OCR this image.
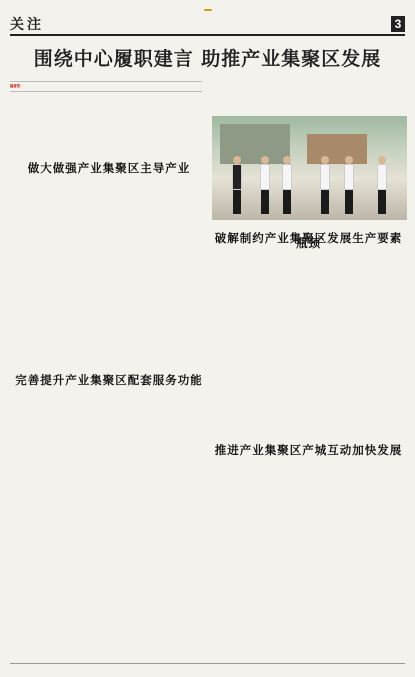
关注	3
围绕中心履职建言 助推产业集聚区发展
编者按：
做大做强产业集聚区主导产业
破解制约产业集聚区发展生产要素瓶颈
完善提升产业集聚区配套服务功能
推进产业集聚区产城互动加快发展
